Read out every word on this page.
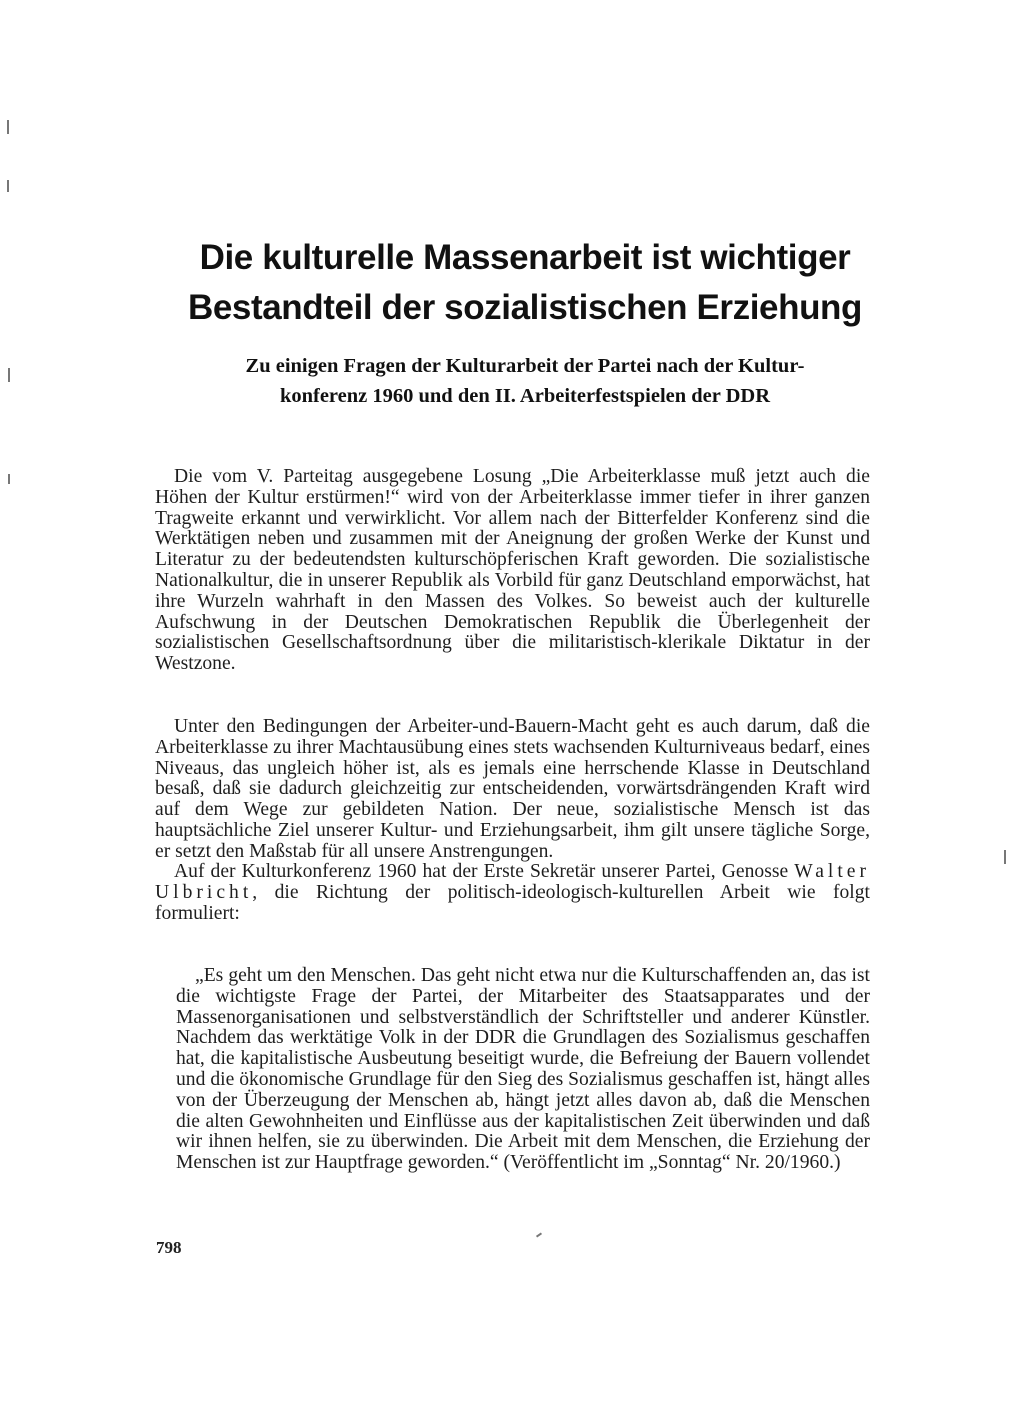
Die kulturelle Massenarbeit ist wichtiger
Bestandteil der sozialistischen Erziehung
Zu einigen Fragen der Kulturarbeit der Partei nach der Kultur-
konferenz 1960 und den II. Arbeiterfestspielen der DDR

Die vom V. Parteitag ausgegebene Losung „Die Arbeiterklasse muß jetzt auch die Höhen der Kultur erstürmen!“ wird von der Arbeiterklasse immer tiefer in ihrer ganzen Tragweite erkannt und verwirklicht. Vor allem nach der Bitterfelder Konferenz sind die Werktätigen neben und zusammen mit der Aneignung der großen Werke der Kunst und Literatur zu der bedeutendsten kulturschöpferischen Kraft geworden. Die sozialistische Nationalkultur, die in unserer Republik als Vorbild für ganz Deutschland emporwächst, hat ihre Wurzeln wahrhaft in den Massen des Volkes. So beweist auch der kulturelle Aufschwung in der Deutschen Demokratischen Republik die Überlegenheit der sozialistischen Gesellschaftsordnung über die militaristisch-klerikale Diktatur in der Westzone.

Unter den Bedingungen der Arbeiter-und-Bauern-Macht geht es auch darum, daß die Arbeiterklasse zu ihrer Machtausübung eines stets wachsenden Kulturniveaus bedarf, eines Niveaus, das ungleich höher ist, als es jemals eine herrschende Klasse in Deutschland besaß, daß sie dadurch gleichzeitig zur entscheidenden, vorwärtsdrängenden Kraft wird auf dem Wege zur gebildeten Nation. Der neue, sozialistische Mensch ist das hauptsächliche Ziel unserer Kultur- und Erziehungsarbeit, ihm gilt unsere tägliche Sorge, er setzt den Maßstab für all unsere Anstrengungen.

Auf der Kulturkonferenz 1960 hat der Erste Sekretär unserer Partei, Genosse Walter Ulbricht, die Richtung der politisch-ideologisch-kulturellen Arbeit wie folgt formuliert:

„Es geht um den Menschen. Das geht nicht etwa nur die Kulturschaffenden an, das ist die wichtigste Frage der Partei, der Mitarbeiter des Staatsapparates und der Massenorganisationen und selbstverständlich der Schriftsteller und anderer Künstler. Nachdem das werktätige Volk in der DDR die Grundlagen des Sozialismus geschaffen hat, die kapitalistische Ausbeutung beseitigt wurde, die Befreiung der Bauern vollendet und die ökonomische Grundlage für den Sieg des Sozialismus geschaffen ist, hängt alles von der Überzeugung der Menschen ab, hängt jetzt alles davon ab, daß die Menschen die alten Gewohnheiten und Einflüsse aus der kapitalistischen Zeit überwinden und daß wir ihnen helfen, sie zu überwinden. Die Arbeit mit dem Menschen, die Erziehung der Menschen ist zur Hauptfrage geworden.“ (Veröffentlicht im „Sonntag“ Nr. 20/1960.)

798
